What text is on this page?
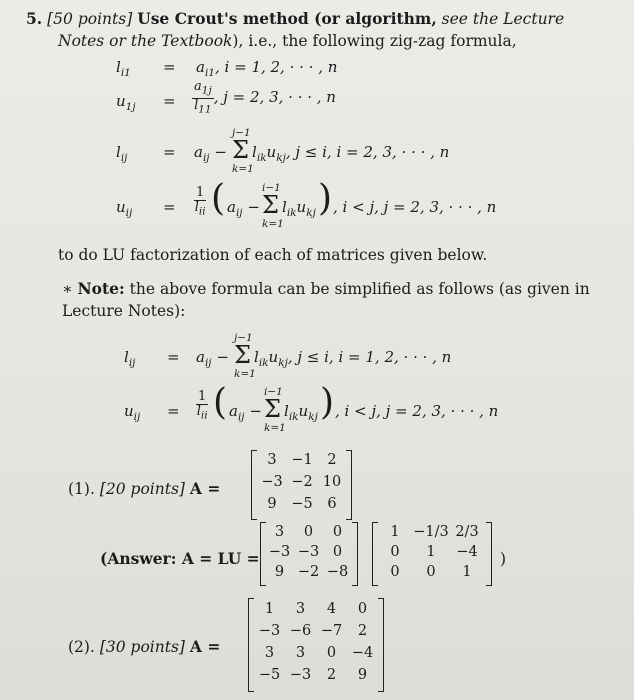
5. [50 points] Use Crout's method (or algorithm, see the Lecture
Notes or the Textbook), i.e., the following zig-zag formula,
$l_{i1} = a_{i1}$, i = 1, 2, · · · , n
$u_{1j} = \frac{a_{1j}}{l_{11}}$ , j = 2, 3, · · · , n
$l_{ij} = a_{ij}$ −
j−1
Σ
k=1
$l_{ik}u_{kj}$, j ≤ i, i = 2, 3, · · · , n
$u_{ij} = \frac{1}{l_{ii}}$ ( $a_{ij}$ −
i−1
Σ
k=1
$l_{ik}u_{kj}$ ) , i < j, j = 2, 3, · · · , n
to do LU factorization of each of matrices given below.
∗ Note: the above formula can be simplified as follows (as given in
Lecture Notes):
$l_{ij} = a_{ij}$ −
j−1
Σ
k=1
$l_{ik}u_{kj}$, j ≤ i, i = 1, 2, · · · , n
$u_{ij} = \frac{1}{l_{ii}}$ ( $a_{ij}$ −
i−1
Σ
k=1
$l_{ik}u_{kj}$ ) , i < j, j = 2, 3, · · · , n
(1). [20 points] A =
3	−1	2
−3 −2 10
9	−5	6
(Answer: A = LU =
3	0	0
−3 −3 0
9 −2 −8
1 −1/3 2/3
0	1	−4
0	0	1
)
(2). [30 points] A =
1	3	4	0
−3 −6 −7	2
3	3	0	−4
−5 −3	2	9
